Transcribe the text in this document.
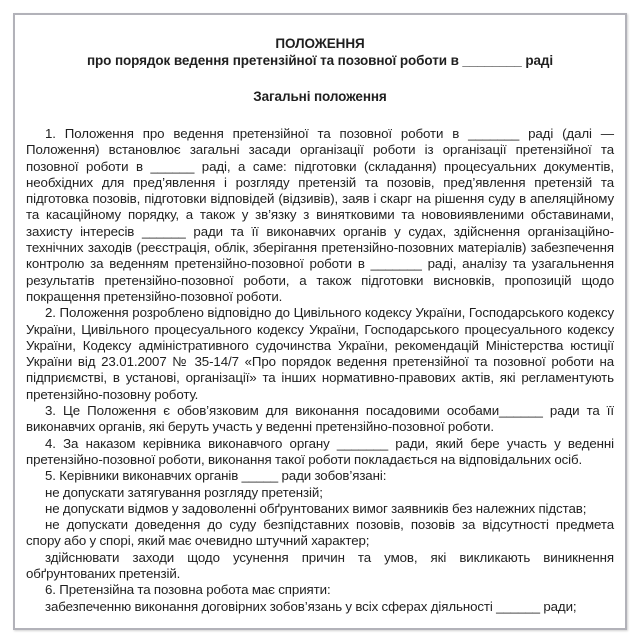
ПОЛОЖЕННЯ
про порядок ведення претензійної та позовної роботи в ________ раді
Загальні положення

1. Положення про ведення претензійної та позовної роботи в _______ раді (далі — Положення) встановлює загальні засади організації роботи із організації претензійної та позовної роботи в ______ раді, а саме: підготовки (складання) процесуальних документів, необхідних для пред’явлення і розгляду претензій та позовів, пред’явлення претензій та підготовка позовів, підготовки відповідей (відзивів), заяв і скарг на рішення суду в апеляційному та касаційному порядку, а також у зв’язку з винятковими та нововиявленими обставинами, захисту інтересів ______ ради та її виконавчих органів у судах, здійснення організаційно-технічних заходів (реєстрація, облік, зберігання претензійно-позовних матеріалів) забезпечення контролю за веденням претензійно-позовної роботи в _______ раді, аналізу та узагальнення результатів претензійно-позовної роботи, а також підготовки висновків, пропозицій щодо покращення претензійно-позовної роботи.

2. Положення розроблено відповідно до Цивільного кодексу України, Господарського кодексу України, Цивільного процесуального кодексу України, Господарського процесуального кодексу України, Кодексу адміністративного судочинства України, рекомендацій Міністерства юстиції України від 23.01.2007 № 35-14/7 «Про порядок ведення претензійної та позовної роботи на підприємстві, в установі, організації» та інших нормативно-правових актів, які регламентують претензійно-позовну роботу.

3. Це Положення є обов’язковим для виконання посадовими особами______ ради та її виконавчих органів, які беруть участь у веденні претензійно-позовної роботи.

4. За наказом керівника виконавчого органу _______ ради, який бере участь у веденні претензійно-позовної роботи, виконання такої роботи покладається на відповідальних осіб.

5. Керівники виконавчих органів _____ ради зобов’язані:

не допускати затягування розгляду претензій;

не допускати відмов у задоволенні обґрунтованих вимог заявників без належних підстав;

не допускати доведення до суду безпідставних позовів, позовів за відсутності предмета спору або у спорі, який має очевидно штучний характер;

здійснювати заходи щодо усунення причин та умов, які викликають виникнення обґрунтованих претензій.

6. Претензійна та позовна робота має сприяти:

забезпеченню виконання договірних зобов’язань у всіх сферах діяльності ______ ради;
